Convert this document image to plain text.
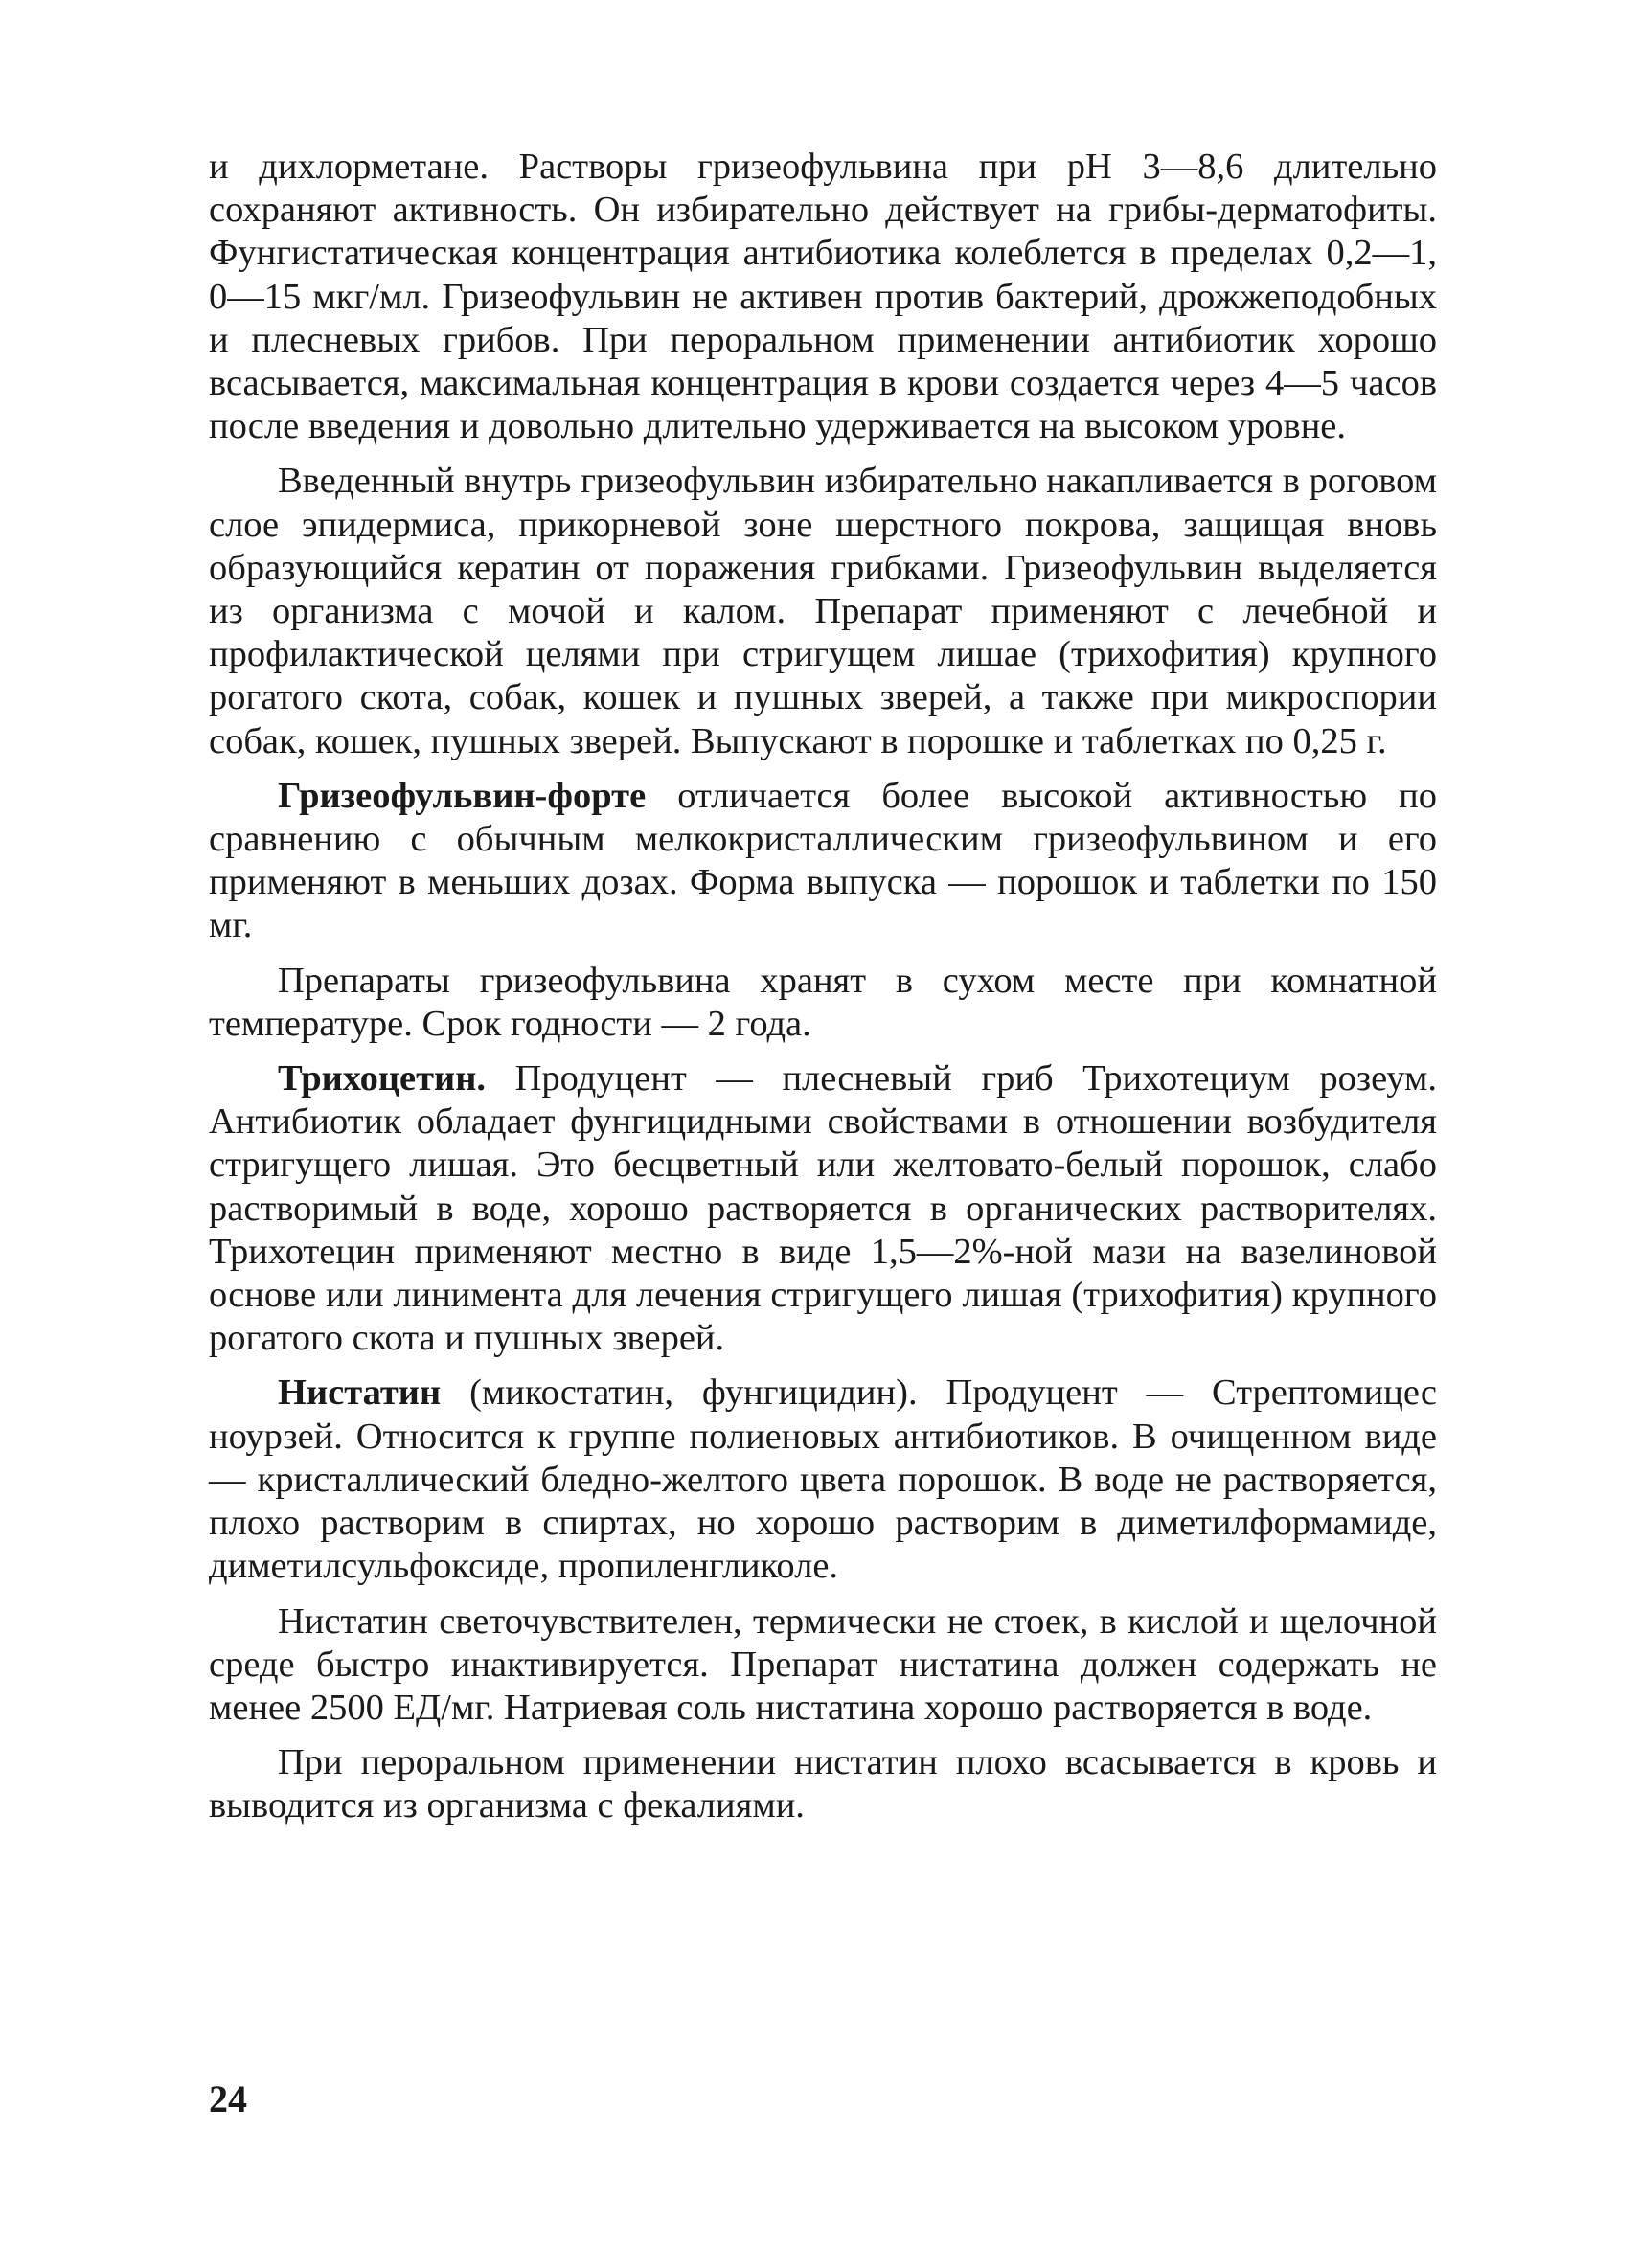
и дихлорметане. Растворы гризеофульвина при pH 3—8,6 длительно сохраняют активность. Он избирательно действует на грибы-дерматофиты. Фунгистатическая концентрация антибиотика колеблется в пределах 0,2—1, 0—15 мкг/мл. Гризеофульвин не активен против бактерий, дрожжеподобных и плесневых грибов. При пероральном применении антибиотик хорошо всасывается, максимальная концентрация в крови создается через 4—5 часов после введения и довольно длительно удерживается на высоком уровне.

Введенный внутрь гризеофульвин избирательно накапливается в роговом слое эпидермиса, прикорневой зоне шерстного покрова, защищая вновь образующийся кератин от поражения грибками. Гризеофульвин выделяется из организма с мочой и калом. Препарат применяют с лечебной и профилактической целями при стригущем лишае (трихофития) крупного рогатого скота, собак, кошек и пушных зверей, а также при микроспории собак, кошек, пушных зверей. Выпускают в порошке и таблетках по 0,25 г.

Гризеофульвин-форте отличается более высокой активностью по сравнению с обычным мелкокристаллическим гризеофульвином и его применяют в меньших дозах. Форма выпуска — порошок и таблетки по 150 мг.

Препараты гризеофульвина хранят в сухом месте при комнатной температуре. Срок годности — 2 года.

Трихоцетин. Продуцент — плесневый гриб Трихотециум розеум. Антибиотик обладает фунгицидными свойствами в отношении возбудителя стригущего лишая. Это бесцветный или желтовато-белый порошок, слабо растворимый в воде, хорошо растворяется в органических растворителях. Трихотецин применяют местно в виде 1,5—2%-ной мази на вазелиновой основе или линимента для лечения стригущего лишая (трихофития) крупного рогатого скота и пушных зверей.

Нистатин (микостатин, фунгицидин). Продуцент — Стрептомицес ноурзей. Относится к группе полиеновых антибиотиков. В очищенном виде — кристаллический бледно-желтого цвета порошок. В воде не растворяется, плохо растворим в спиртах, но хорошо растворим в диметилформамиде, диметилсульфоксиде, пропиленгликоле.

Нистатин светочувствителен, термически не стоек, в кислой и щелочной среде быстро инактивируется. Препарат нистатина должен содержать не менее 2500 ЕД/мг. Натриевая соль нистатина хорошо растворяется в воде.

При пероральном применении нистатин плохо всасывается в кровь и выводится из организма с фекалиями.

24
